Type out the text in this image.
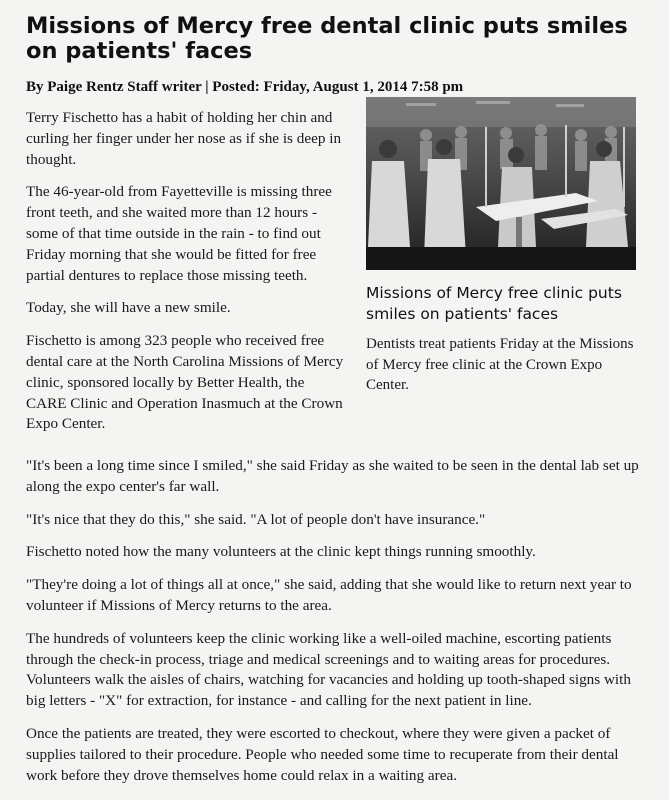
Missions of Mercy free dental clinic puts smiles on patients' faces
By Paige Rentz Staff writer | Posted: Friday, August 1, 2014 7:58 pm

Terry Fischetto has a habit of holding her chin and curling her finger under her nose as if she is deep in thought.

The 46-year-old from Fayetteville is missing three front teeth, and she waited more than 12 hours - some of that time outside in the rain - to find out Friday morning that she would be fitted for free partial dentures to replace those missing teeth.

Today, she will have a new smile.

Fischetto is among 323 people who received free dental care at the North Carolina Missions of Mercy clinic, sponsored locally by Better Health, the CARE Clinic and Operation Inasmuch at the Crown Expo Center.

Missions of Mercy free clinic puts smiles on patients' faces
Dentists treat patients Friday at the Missions of Mercy free clinic at the Crown Expo Center.

"It's been a long time since I smiled," she said Friday as she waited to be seen in the dental lab set up along the expo center's far wall.

"It's nice that they do this," she said. "A lot of people don't have insurance."

Fischetto noted how the many volunteers at the clinic kept things running smoothly.

"They're doing a lot of things all at once," she said, adding that she would like to return next year to volunteer if Missions of Mercy returns to the area.

The hundreds of volunteers keep the clinic working like a well-oiled machine, escorting patients through the check-in process, triage and medical screenings and to waiting areas for procedures. Volunteers walk the aisles of chairs, watching for vacancies and holding up tooth-shaped signs with big letters - "X" for extraction, for instance - and calling for the next patient in line.

Once the patients are treated, they were escorted to checkout, where they were given a packet of supplies tailored to their procedure. People who needed some time to recuperate from their dental work before they drove themselves home could relax in a waiting area.
